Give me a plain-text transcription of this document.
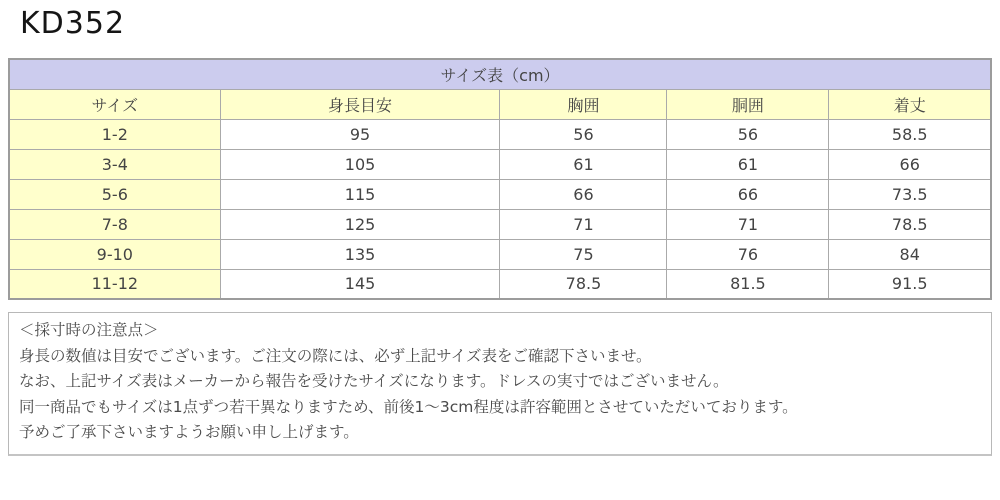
KD352
サイズ表（cm）				
サイズ	身長目安	胸囲	胴囲	着丈
1-2	95	56	56	58.5
3-4	105	61	61	66
5-6	115	66	66	73.5
7-8	125	71	71	78.5
9-10	135	75	76	84
11-12	145	78.5	81.5	91.5

＜採寸時の注意点＞

身長の数値は目安でございます。ご注文の際には、必ず上記サイズ表をご確認下さいませ。

なお、上記サイズ表はメーカーから報告を受けたサイズになります。ドレスの実寸ではございません。

同一商品でもサイズは1点ずつ若干異なりますため、前後1～3cm程度は許容範囲とさせていただいております。

予めご了承下さいますようお願い申し上げます。
